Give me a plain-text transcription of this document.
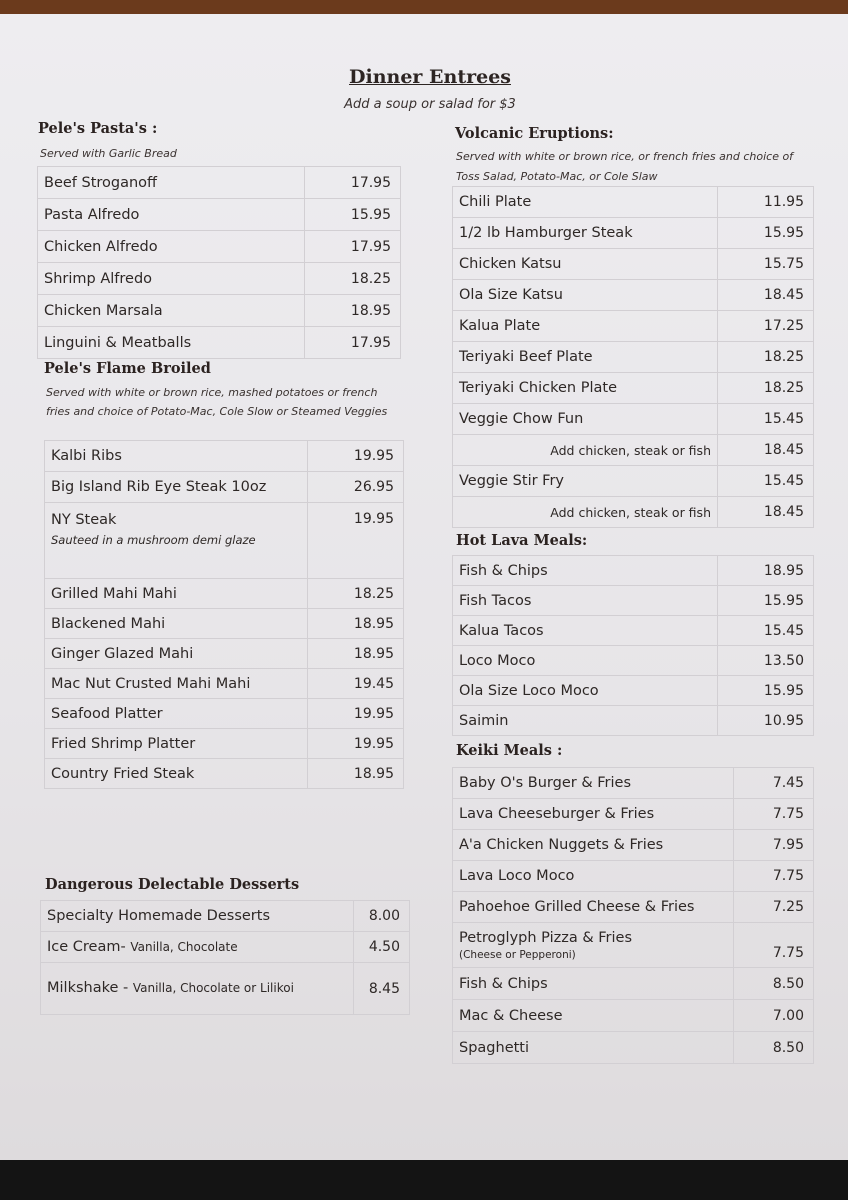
Dinner Entrees
Add a soup or salad for $3
Pele's Pasta's :
Served with Garlic Bread
Beef Stroganoff	17.95
Pasta Alfredo	15.95
Chicken Alfredo	17.95
Shrimp Alfredo	18.25
Chicken Marsala	18.95
Linguini & Meatballs	17.95
Pele's Flame Broiled
Served with white or brown rice, mashed potatoes or french fries and choice of Potato-Mac, Cole Slow or Steamed Veggies
Kalbi Ribs	19.95
Big Island Rib Eye Steak 10oz	26.95
NY Steak
Sauteed in a mushroom demi glaze	19.95
Grilled Mahi Mahi	18.25
Blackened Mahi	18.95
Ginger Glazed Mahi	18.95
Mac Nut Crusted Mahi Mahi	19.45
Seafood Platter	19.95
Fried Shrimp Platter	19.95
Country Fried Steak	18.95
Dangerous Delectable Desserts
Specialty Homemade Desserts	8.00
Ice Cream- Vanilla, Chocolate	4.50
Milkshake - Vanilla, Chocolate or Lilikoi	8.45
Volcanic Eruptions:
Served with white or brown rice, or french fries and choice of Toss Salad, Potato-Mac, or Cole Slaw
Chili Plate	11.95
1/2 lb Hamburger Steak	15.95
Chicken Katsu	15.75
Ola Size Katsu	18.45
Kalua Plate	17.25
Teriyaki Beef Plate	18.25
Teriyaki Chicken Plate	18.25
Veggie Chow Fun	15.45
Add chicken, steak or fish	18.45
Veggie Stir Fry	15.45
Add chicken, steak or fish	18.45
Hot Lava Meals:
Fish & Chips	18.95
Fish Tacos	15.95
Kalua Tacos	15.45
Loco Moco	13.50
Ola Size Loco Moco	15.95
Saimin	10.95
Keiki Meals :
Baby O's Burger & Fries	7.45
Lava Cheeseburger & Fries	7.75
A'a Chicken Nuggets & Fries	7.95
Lava Loco Moco	7.75
Pahoehoe Grilled Cheese & Fries	7.25
Petroglyph Pizza & Fries
(Cheese or Pepperoni)	7.75
Fish & Chips	8.50
Mac & Cheese	7.00
Spaghetti	8.50
